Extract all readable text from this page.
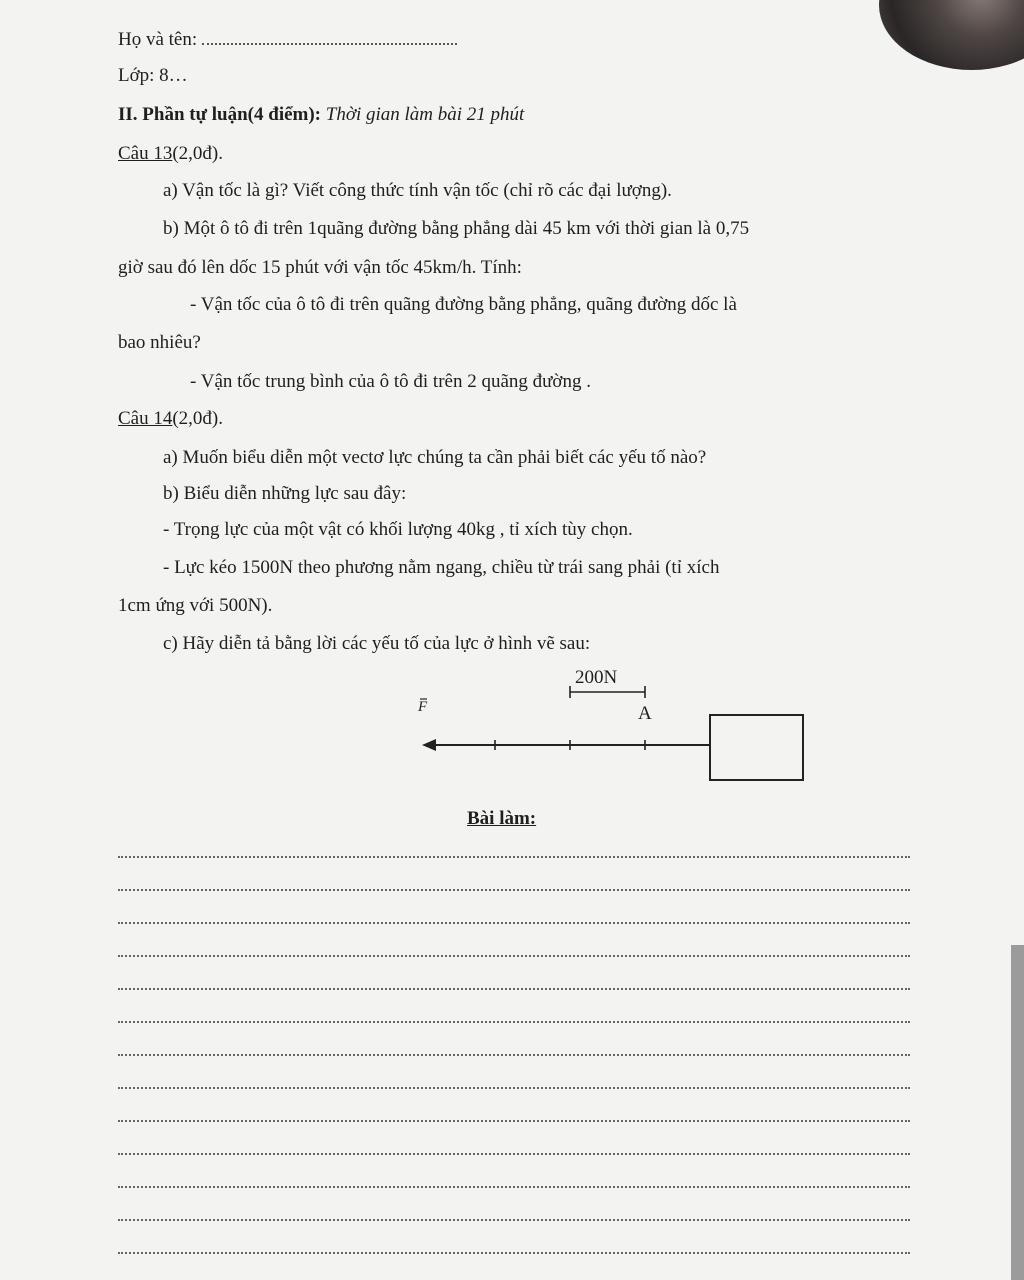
Họ và tên:
Lớp: 8…
II. Phần tự luận(4 điểm): Thời gian làm bài 21 phút
Câu 13(2,0đ).
a) Vận tốc là gì? Viết công thức tính vận tốc (chỉ rõ các đại lượng).
b) Một ô tô đi trên 1quãng đường bằng phẳng dài 45 km với thời gian là 0,75
giờ sau đó lên dốc 15 phút với vận tốc 45km/h. Tính:
- Vận tốc của ô tô đi trên quãng đường bằng phẳng, quãng đường dốc là
bao nhiêu?
- Vận tốc trung bình của ô tô đi trên 2 quãng đường .
Câu 14(2,0đ).
a) Muốn biểu diễn một vectơ lực chúng ta cần phải biết các yếu tố nào?
b) Biểu diễn những lực sau đây:
- Trọng lực của một vật có khối lượng 40kg , tỉ xích tùy chọn.
- Lực kéo 1500N theo phương nằm ngang, chiều từ trái sang phải (tỉ xích
1cm ứng với 500N).
c) Hãy diễn tả bằng lời các yếu tố của lực ở hình vẽ sau:
200N
A
F
Bài làm:
